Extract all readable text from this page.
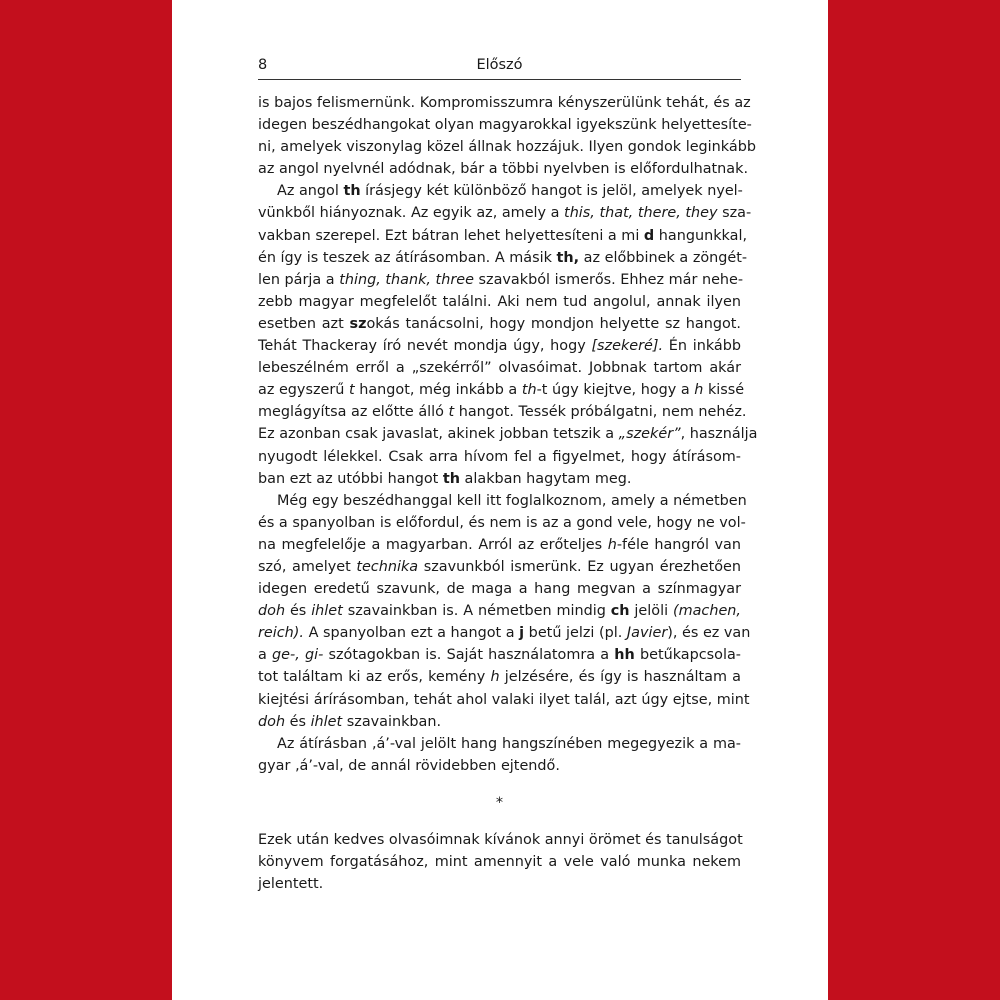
8	Előszó
is bajos felismernünk. Kompromisszumra kényszerülünk tehát, és az
idegen beszédhangokat olyan magyarokkal igyekszünk helyettesíte-
ni, amelyek viszonylag közel állnak hozzájuk. Ilyen gondok leginkább
az angol nyelvnél adódnak, bár a többi nyelvben is előfordulhatnak.
Az angol th írásjegy két különböző hangot is jelöl, amelyek nyel-
vünkből hiányoznak. Az egyik az, amely a this, that, there, they sza-
vakban szerepel. Ezt bátran lehet helyettesíteni a mi d hangunkkal,
én így is teszek az átírásomban. A másik th, az előbbinek a zöngét-
len párja a thing, thank, three szavakból ismerős. Ehhez már nehe-
zebb magyar megfelelőt találni. Aki nem tud angolul, annak ilyen
esetben azt szokás tanácsolni, hogy mondjon helyette sz hangot.
Tehát Thackeray író nevét mondja úgy, hogy [szekeré]. Én inkább
lebeszélném erről a „szekérről” olvasóimat. Jobbnak tartom akár
az egyszerű t hangot, még inkább a th-t úgy kiejtve, hogy a h kissé
meglágyítsa az előtte álló t hangot. Tessék próbálgatni, nem nehéz.
Ez azonban csak javaslat, akinek jobban tetszik a „szekér”, használja
nyugodt lélekkel. Csak arra hívom fel a figyelmet, hogy átírásom-
ban ezt az utóbbi hangot th alakban hagytam meg.
Még egy beszédhanggal kell itt foglalkoznom, amely a németben
és a spanyolban is előfordul, és nem is az a gond vele, hogy ne vol-
na megfelelője a magyarban. Arról az erőteljes h-féle hangról van
szó, amelyet technika szavunkból ismerünk. Ez ugyan érezhetően
idegen eredetű szavunk, de maga a hang megvan a színmagyar
doh és ihlet szavainkban is. A németben mindig ch jelöli (machen,
reich). A spanyolban ezt a hangot a j betű jelzi (pl. Javier), és ez van
a ge-, gi- szótagokban is. Saját használatomra a hh betűkapcsola-
tot találtam ki az erős, kemény h jelzésére, és így is használtam a
kiejtési árírásomban, tehát ahol valaki ilyet talál, azt úgy ejtse, mint
doh és ihlet szavainkban.
Az átírásban ‚á’-val jelölt hang hangszínében megegyezik a ma-
gyar ‚á’-val, de annál rövidebben ejtendő.
*
Ezek után kedves olvasóimnak kívánok annyi örömet és tanulságot
könyvem forgatásához, mint amennyit a vele való munka nekem
jelentett.
